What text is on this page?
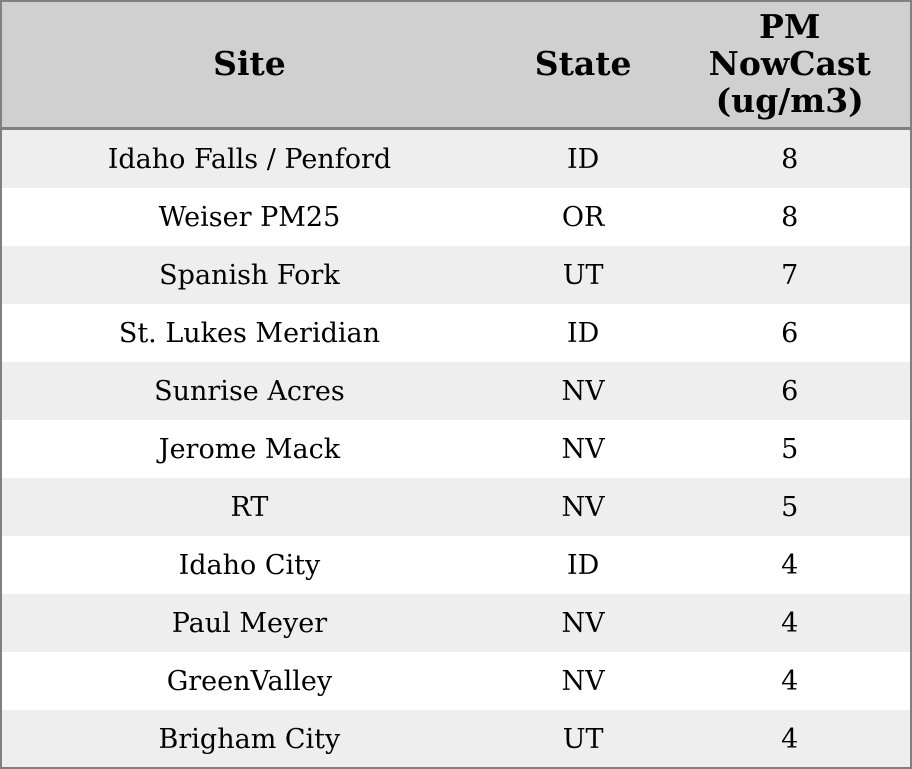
Site	State	PM NowCast (ug/m3)
Idaho Falls / Penford	ID	8
Weiser PM25	OR	8
Spanish Fork	UT	7
St. Lukes Meridian	ID	6
Sunrise Acres	NV	6
Jerome Mack	NV	5
RT	NV	5
Idaho City	ID	4
Paul Meyer	NV	4
GreenValley	NV	4
Brigham City	UT	4
